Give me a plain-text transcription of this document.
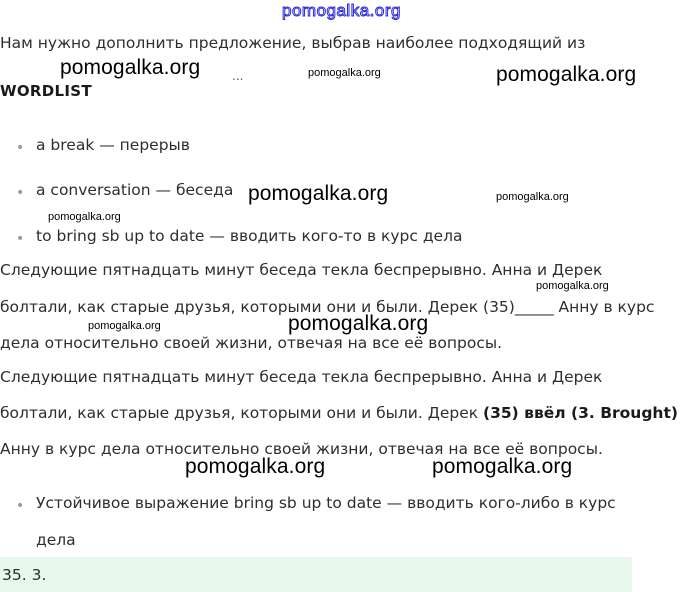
pomogalka.org
Нам нужно дополнить предложение, выбрав наиболее подходящий из
...
WORDLIST
• a break — перерыв
• a conversation — беседа
• to bring sb up to date — вводить кого-то в курс дела
Следующие пятнадцать минут беседа текла беспрерывно. Анна и Дерек
болтали, как старые друзья, которыми они и были. Дерек (35)_____ Анну в курс
дела относительно своей жизни, отвечая на все её вопросы.
Следующие пятнадцать минут беседа текла беспрерывно. Анна и Дерек
болтали, как старые друзья, которыми они и были. Дерек (35) ввёл (3. Brought)
Анну в курс дела относительно своей жизни, отвечая на все её вопросы.
• Устойчивое выражение bring sb up to date — вводить кого-либо в курс
дела
35. 3.
pomogalka.org	pomogalka.org	pomogalka.org
pomogalka.org	pomogalka.org
pomogalka.org
pomogalka.org
pomogalka.org
pomogalka.org
pomogalka.org	pomogalka.org
